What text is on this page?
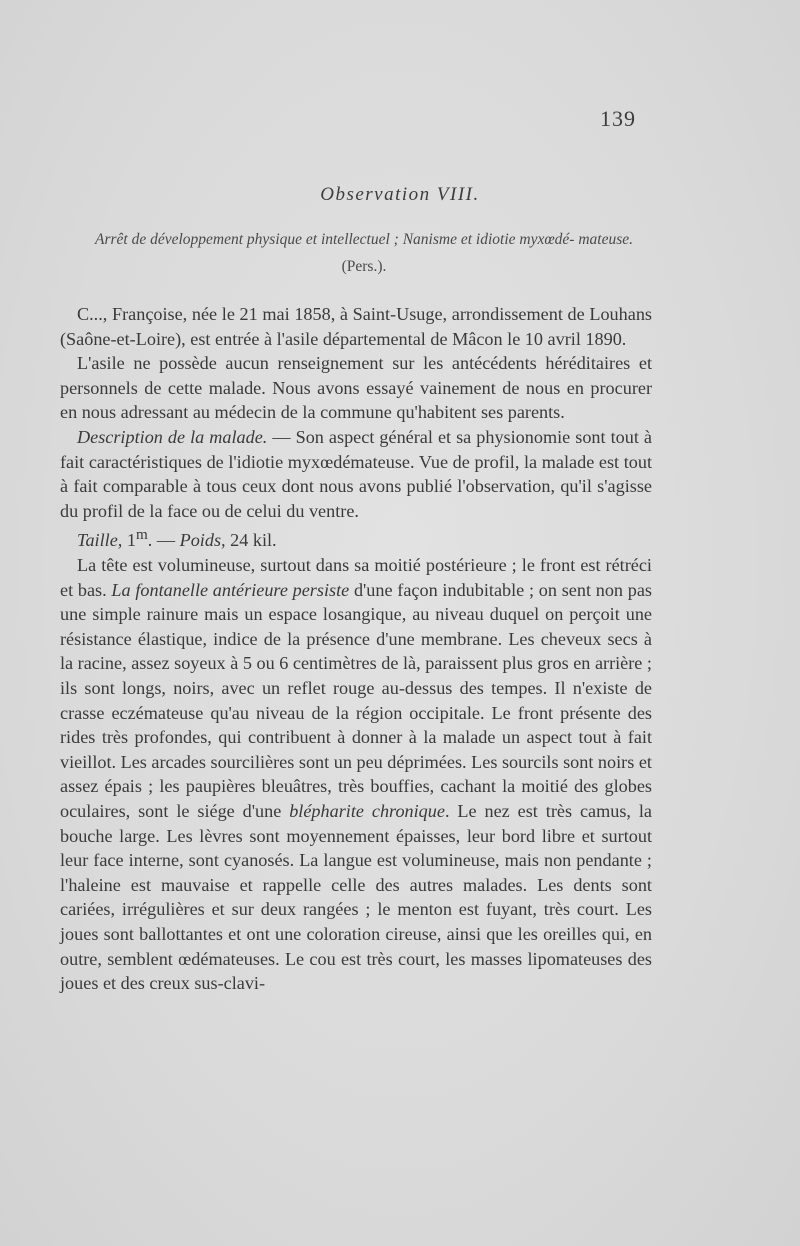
139
Observation VIII.
Arrêt de développement physique et intellectuel ; Nanisme et idiotie myxœdé- mateuse. (Pers.).

C..., Françoise, née le 21 mai 1858, à Saint-Usuge, arrondissement de Louhans (Saône-et-Loire), est entrée à l'asile départemental de Mâcon le 10 avril 1890.

L'asile ne possède aucun renseignement sur les antécédents héréditaires et personnels de cette malade. Nous avons essayé vainement de nous en procurer en nous adressant au médecin de la commune qu'habitent ses parents.

Description de la malade. — Son aspect général et sa physionomie sont tout à fait caractéristiques de l'idiotie myxœdémateuse. Vue de profil, la malade est tout à fait comparable à tous ceux dont nous avons publié l'observation, qu'il s'agisse du profil de la face ou de celui du ventre.

Taille, 1$^m$. — Poids, 24 kil.

La tête est volumineuse, surtout dans sa moitié postérieure ; le front est rétréci et bas. La fontanelle antérieure persiste d'une façon indubitable ; on sent non pas une simple rainure mais un espace losangique, au niveau duquel on perçoit une résistance élastique, indice de la présence d'une membrane. Les cheveux secs à la racine, assez soyeux à 5 ou 6 centimètres de là, paraissent plus gros en arrière ; ils sont longs, noirs, avec un reflet rouge au-dessus des tempes. Il n'existe de crasse eczémateuse qu'au niveau de la région occipitale. Le front présente des rides très profondes, qui contribuent à donner à la malade un aspect tout à fait vieillot. Les arcades sourcilières sont un peu déprimées. Les sourcils sont noirs et assez épais ; les paupières bleuâtres, très bouffies, cachant la moitié des globes oculaires, sont le siége d'une blépharite chronique. Le nez est très camus, la bouche large. Les lèvres sont moyennement épaisses, leur bord libre et surtout leur face interne, sont cyanosés. La langue est volumineuse, mais non pendante ; l'haleine est mauvaise et rappelle celle des autres malades. Les dents sont cariées, irrégulières et sur deux rangées ; le menton est fuyant, très court. Les joues sont ballottantes et ont une coloration cireuse, ainsi que les oreilles qui, en outre, semblent œdémateuses. Le cou est très court, les masses lipomateuses des joues et des creux sus-clavi-
